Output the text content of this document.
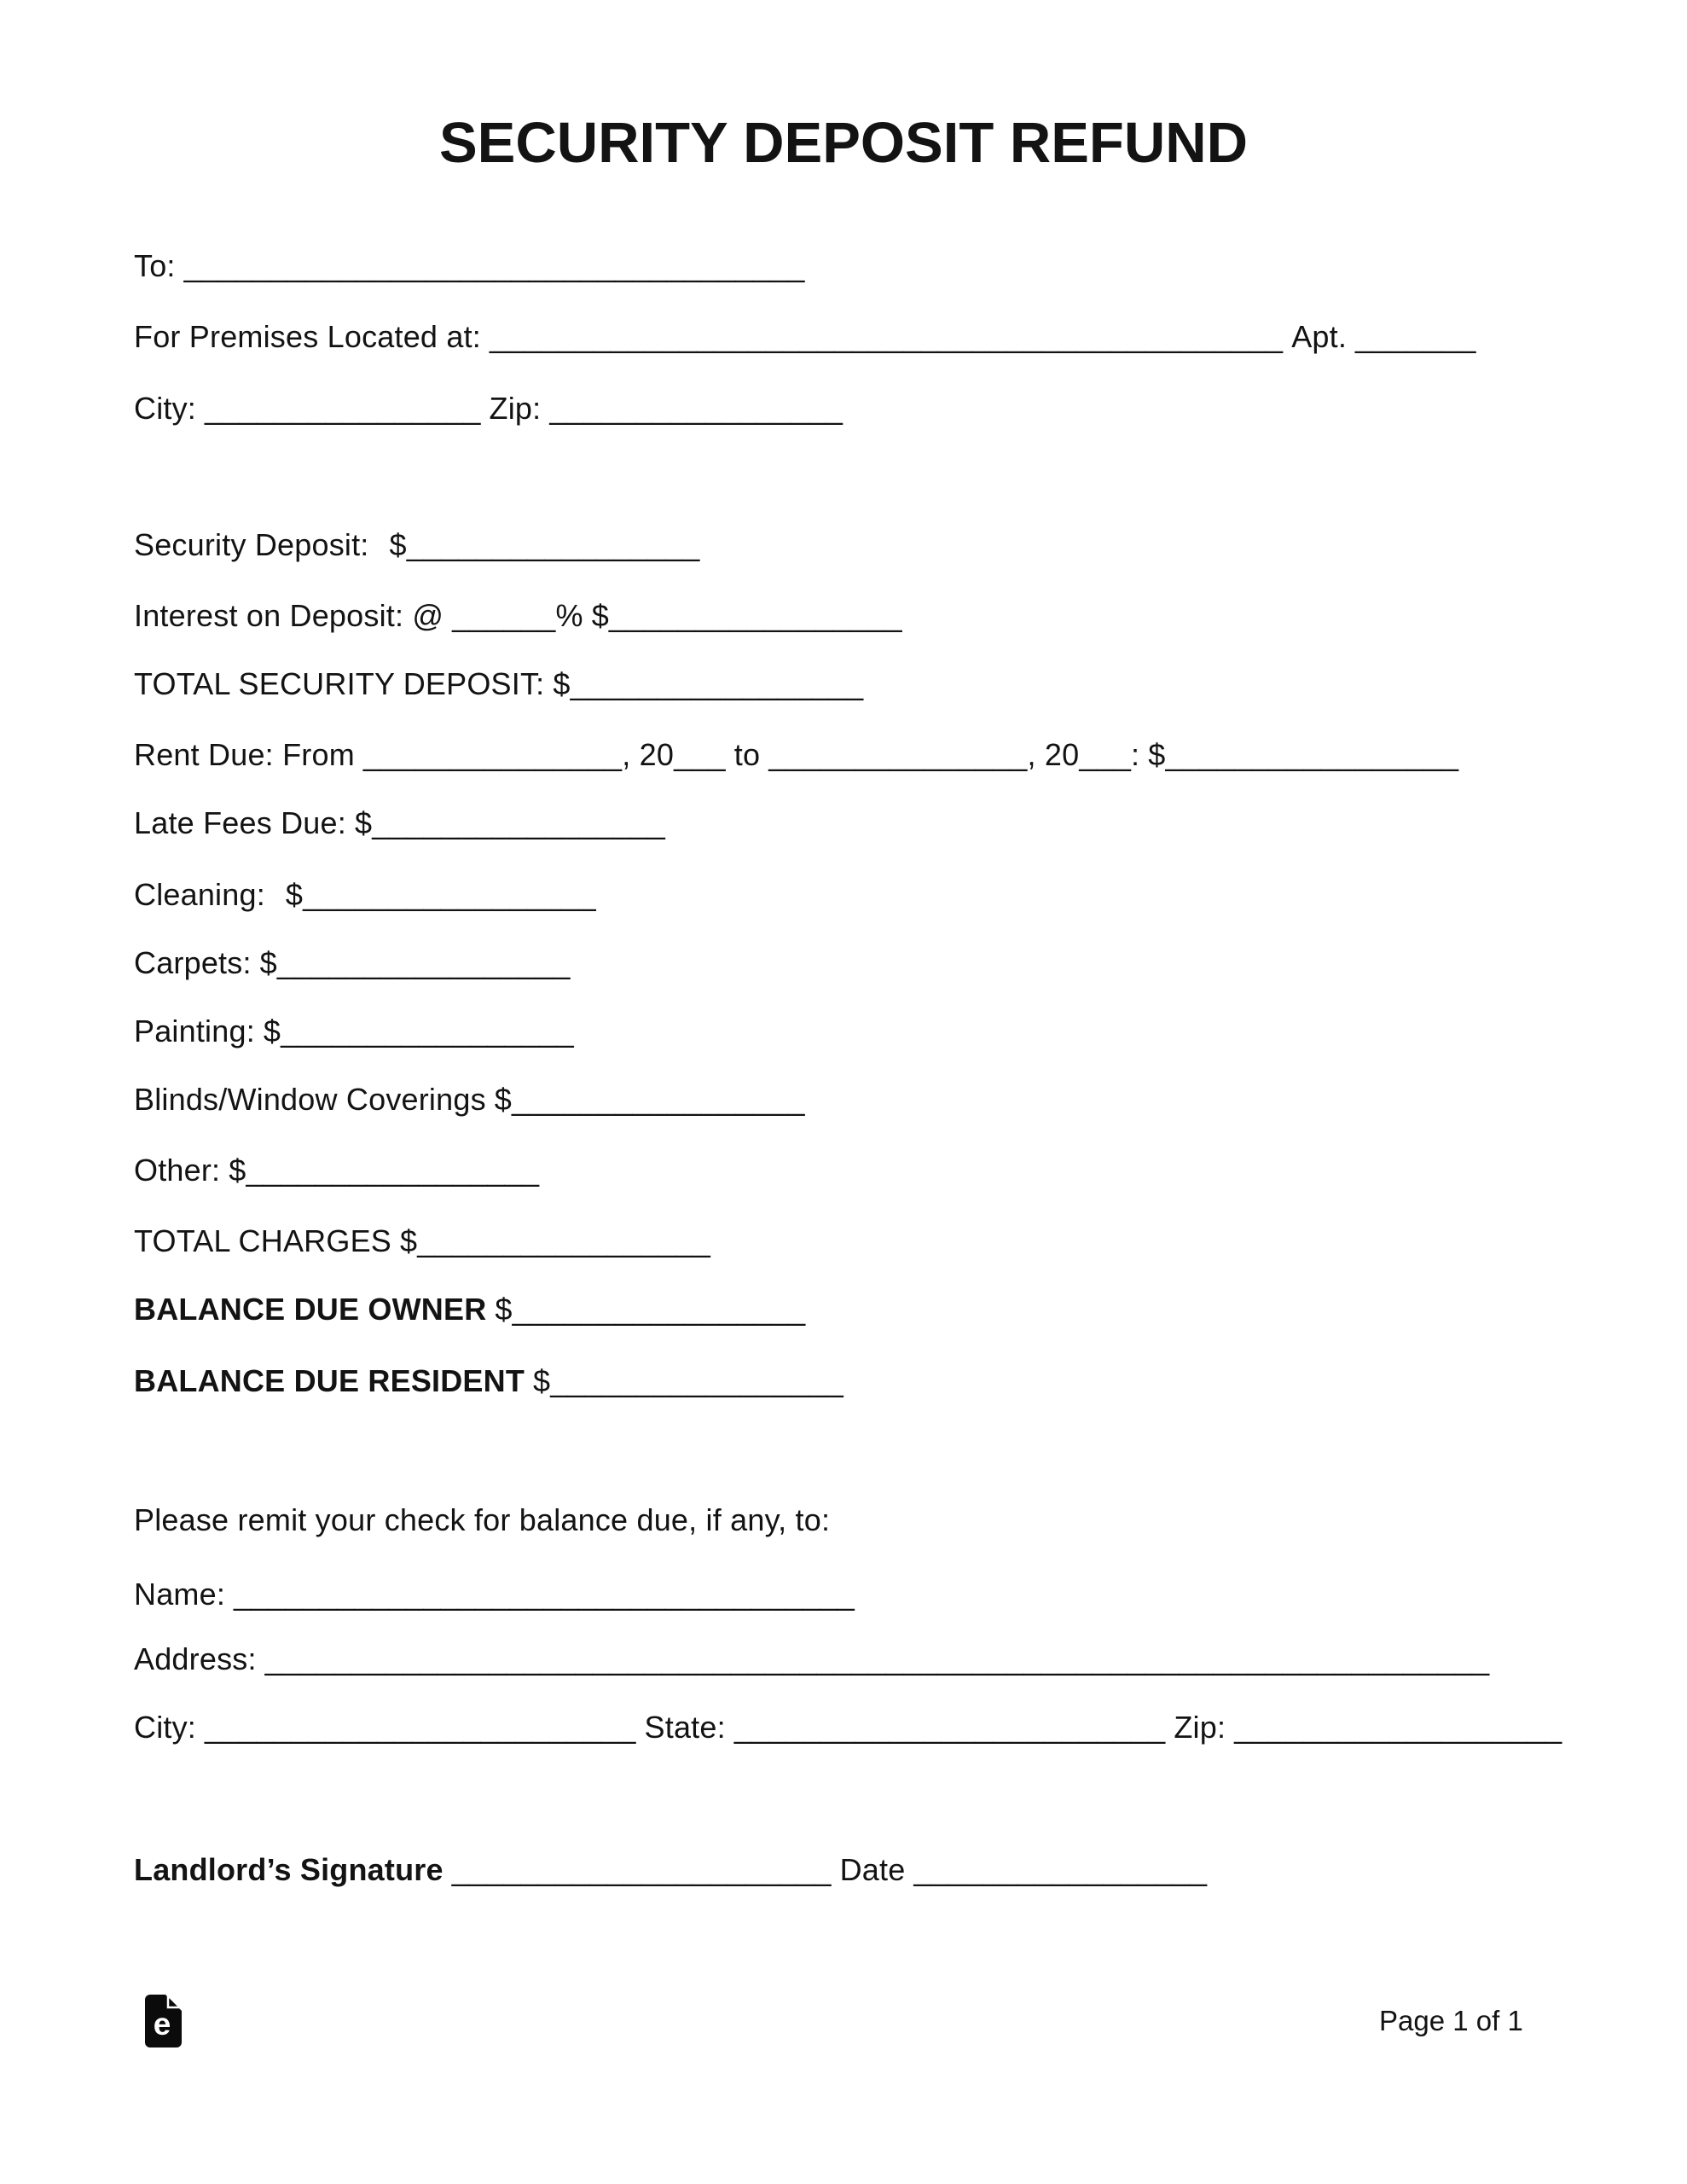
SECURITY DEPOSIT REFUND
To: ____________________________________
For Premises Located at: ______________________________________________ Apt. _______
City: ________________ Zip: _________________
Security Deposit: $_________________
Interest on Deposit: @ ______% $_________________
TOTAL SECURITY DEPOSIT: $_________________
Rent Due: From _______________, 20___ to _______________, 20___: $_________________
Late Fees Due: $_________________
Cleaning: $_________________
Carpets: $_________________
Painting: $_________________
Blinds/Window Coverings $_________________
Other: $_________________
TOTAL CHARGES $_________________
BALANCE DUE OWNER $_________________
BALANCE DUE RESIDENT $_________________
Please remit your check for balance due, if any, to:
Name: ____________________________________
Address: _______________________________________________________________________
City: _________________________ State: _________________________ Zip: ___________________
Landlord’s Signature ______________________ Date _________________
e	Page 1 of 1
